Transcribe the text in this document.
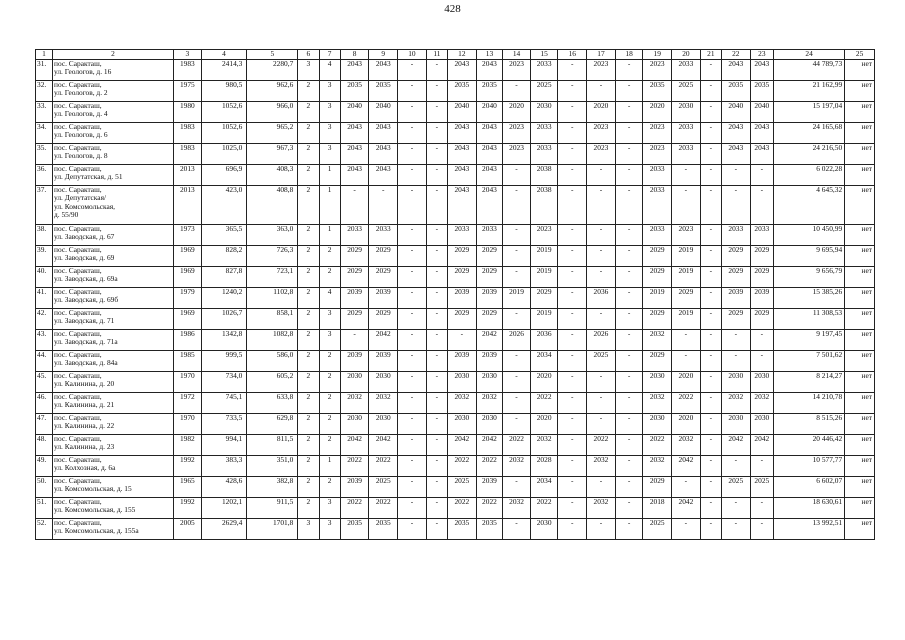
428
1	2	3	4	5	6	7	8	9	10	11	12	13	14	15	16	17	18	19	20	21	22	23	24	25
31.	пос. Саракташ,
ул. Геологов, д. 16	1983	2414,3	2280,7	3	4	2043	2043	-	-	2043	2043	2023	2033	-	2023	-	2023	2033	-	2043	2043	44 789,73	нет
32.	пос. Саракташ,
ул. Геологов, д. 2	1975	980,5	962,6	2	3	2035	2035	-	-	2035	2035	-	2025	-	-	-	2035	2025	-	2035	2035	21 162,99	нет
33.	пос. Саракташ,
ул. Геологов, д. 4	1980	1052,6	966,0	2	3	2040	2040	-	-	2040	2040	2020	2030	-	2020	-	2020	2030	-	2040	2040	15 197,04	нет
34.	пос. Саракташ,
ул. Геологов, д. 6	1983	1052,6	965,2	2	3	2043	2043	-	-	2043	2043	2023	2033	-	2023	-	2023	2033	-	2043	2043	24 165,68	нет
35.	пос. Саракташ,
ул. Геологов, д. 8	1983	1025,0	967,3	2	3	2043	2043	-	-	2043	2043	2023	2033	-	2023	-	2023	2033	-	2043	2043	24 216,50	нет
36.	пос. Саракташ,
ул. Депутатская, д. 51	2013	696,9	408,3	2	1	2043	2043	-	-	2043	2043	-	2038	-	-	-	2033	-	-	-	-	6 022,28	нет
37.	пос. Саракташ,
ул. Депутатская/
ул. Комсомольская,
д. 55/90	2013	423,0	408,8	2	1	-	-	-	-	2043	2043	-	2038	-	-	-	2033	-	-	-	-	4 645,32	нет
38.	пос. Саракташ,
ул. Заводская, д. 67	1973	365,5	363,0	2	1	2033	2033	-	-	2033	2033	-	2023	-	-	-	2033	2023	-	2033	2033	10 450,99	нет
39.	пос. Саракташ,
ул. Заводская, д. 69	1969	828,2	726,3	2	2	2029	2029	-	-	2029	2029	-	2019	-	-	-	2029	2019	-	2029	2029	9 695,94	нет
40.	пос. Саракташ,
ул. Заводская, д. 69а	1969	827,8	723,1	2	2	2029	2029	-	-	2029	2029	-	2019	-	-	-	2029	2019	-	2029	2029	9 656,79	нет
41.	пос. Саракташ,
ул. Заводская, д. 69б	1979	1240,2	1102,8	2	4	2039	2039	-	-	2039	2039	2019	2029	-	2036	-	2019	2029	-	2039	2039	15 385,26	нет
42.	пос. Саракташ,
ул. Заводская, д. 71	1969	1026,7	858,1	2	3	2029	2029	-	-	2029	2029	-	2019	-	-	-	2029	2019	-	2029	2029	11 308,53	нет
43.	пос. Саракташ,
ул. Заводская, д. 71а	1986	1342,8	1082,8	2	3	-	2042	-	-	-	2042	2026	2036	-	2026	-	2032	-	-	-	-	9 197,45	нет
44.	пос. Саракташ,
ул. Заводская, д. 84а	1985	999,5	586,0	2	2	2039	2039	-	-	2039	2039	-	2034	-	2025	-	2029	-	-	-	-	7 501,62	нет
45.	пос. Саракташ,
ул. Калинина, д. 20	1970	734,0	605,2	2	2	2030	2030	-	-	2030	2030	-	2020	-	-	-	2030	2020	-	2030	2030	8 214,27	нет
46.	пос. Саракташ,
ул. Калинина, д. 21	1972	745,1	633,8	2	2	2032	2032	-	-	2032	2032	-	2022	-	-	-	2032	2022	-	2032	2032	14 210,78	нет
47.	пос. Саракташ,
ул. Калинина, д. 22	1970	733,5	629,8	2	2	2030	2030	-	-	2030	2030	-	2020	-	-	-	2030	2020	-	2030	2030	8 515,26	нет
48.	пос. Саракташ,
ул. Калинина, д. 23	1982	994,1	811,5	2	2	2042	2042	-	-	2042	2042	2022	2032	-	2022	-	2022	2032	-	2042	2042	20 446,42	нет
49.	пос. Саракташ,
ул. Колхозная, д. 6а	1992	383,3	351,0	2	1	2022	2022	-	-	2022	2022	2032	2028	-	2032	-	2032	2042	-	-	-	10 577,77	нет
50.	пос. Саракташ,
ул. Комсомольская, д. 15	1965	428,6	382,8	2	2	2039	2025	-	-	2025	2039	-	2034	-	-	-	2029	-	-	2025	2025	6 602,07	нет
51.	пос. Саракташ,
ул. Комсомольская, д. 155	1992	1202,1	911,5	2	3	2022	2022	-	-	2022	2022	2032	2022	-	2032	-	2018	2042	-	-	-	18 630,61	нет
52.	пос. Саракташ,
ул. Комсомольская, д. 155а	2005	2629,4	1701,8	3	3	2035	2035	-	-	2035	2035	-	2030	-	-	-	2025	-	-	-	-	13 992,51	нет
